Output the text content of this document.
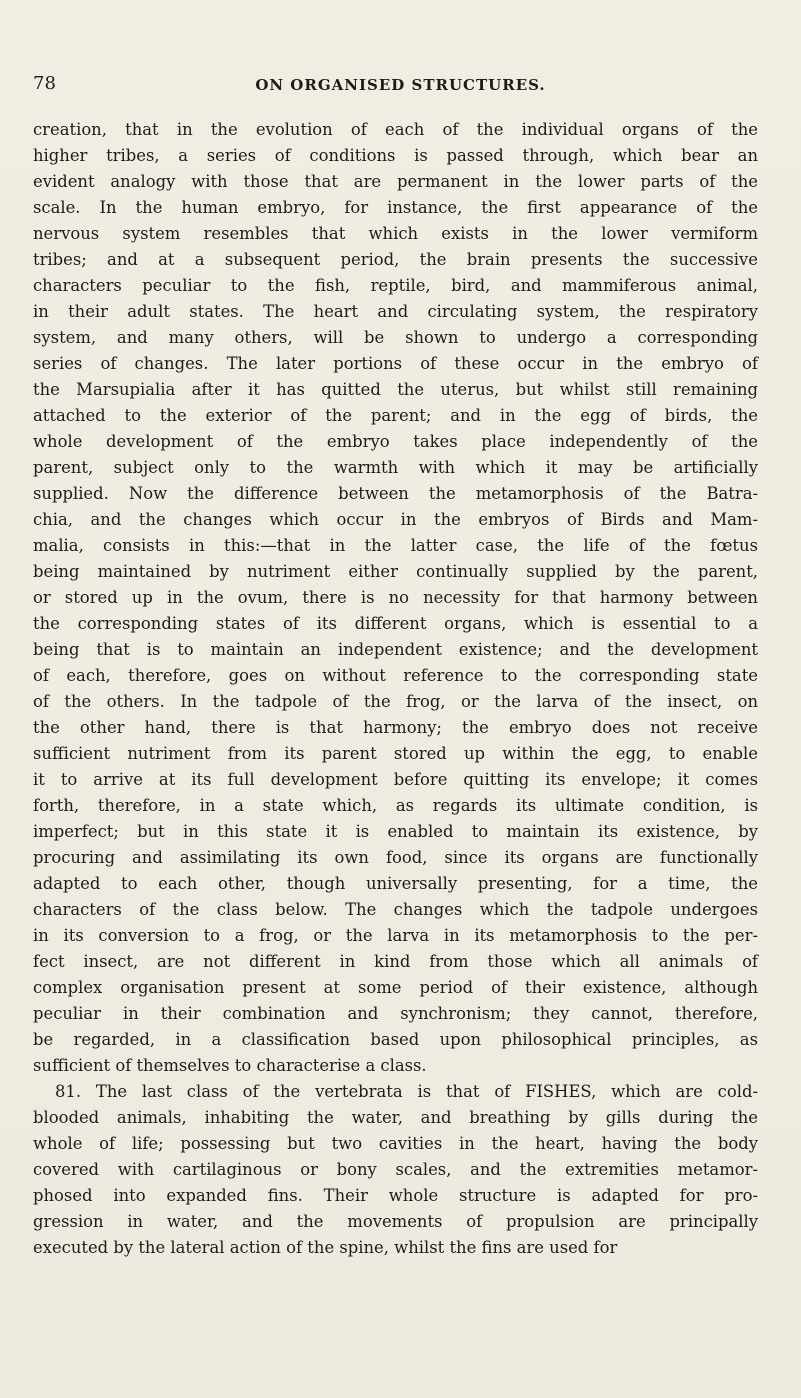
78	ON ORGANISED STRUCTURES.
creation, that in the evolution of each of the individual organs of the
higher tribes, a series of conditions is passed through, which bear an
evident analogy with those that are permanent in the lower parts of the
scale. In the human embryo, for instance, the first appearance of the
nervous system resembles that which exists in the lower vermiform
tribes; and at a subsequent period, the brain presents the successive
characters peculiar to the fish, reptile, bird, and mammiferous animal,
in their adult states. The heart and circulating system, the respiratory
system, and many others, will be shown to undergo a corresponding
series of changes. The later portions of these occur in the embryo of
the Marsupialia after it has quitted the uterus, but whilst still remaining
attached to the exterior of the parent; and in the egg of birds, the
whole development of the embryo takes place independently of the
parent, subject only to the warmth with which it may be artificially
supplied. Now the difference between the metamorphosis of the Batra-
chia, and the changes which occur in the embryos of Birds and Mam-
malia, consists in this:—that in the latter case, the life of the fœtus
being maintained by nutriment either continually supplied by the parent,
or stored up in the ovum, there is no necessity for that harmony between
the corresponding states of its different organs, which is essential to a
being that is to maintain an independent existence; and the development
of each, therefore, goes on without reference to the corresponding state
of the others. In the tadpole of the frog, or the larva of the insect, on
the other hand, there is that harmony; the embryo does not receive
sufficient nutriment from its parent stored up within the egg, to enable
it to arrive at its full development before quitting its envelope; it comes
forth, therefore, in a state which, as regards its ultimate condition, is
imperfect; but in this state it is enabled to maintain its existence, by
procuring and assimilating its own food, since its organs are functionally
adapted to each other, though universally presenting, for a time, the
characters of the class below. The changes which the tadpole undergoes
in its conversion to a frog, or the larva in its metamorphosis to the per-
fect insect, are not different in kind from those which all animals of
complex organisation present at some period of their existence, although
peculiar in their combination and synchronism; they cannot, therefore,
be regarded, in a classification based upon philosophical principles, as
sufficient of themselves to characterise a class.
81. The last class of the vertebrata is that of FISHES, which are cold-
blooded animals, inhabiting the water, and breathing by gills during the
whole of life; possessing but two cavities in the heart, having the body
covered with cartilaginous or bony scales, and the extremities metamor-
phosed into expanded fins. Their whole structure is adapted for pro-
gression in water, and the movements of propulsion are principally
executed by the lateral action of the spine, whilst the fins are used for
